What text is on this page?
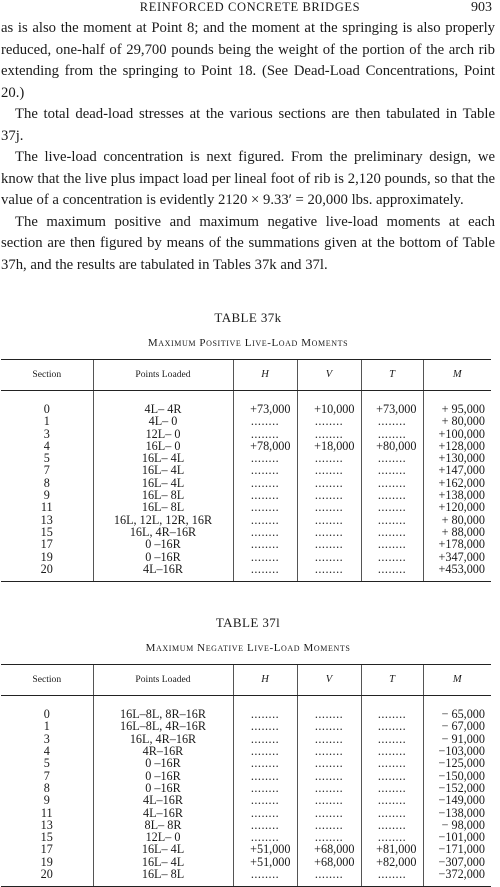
REINFORCED CONCRETE BRIDGES	903

as is also the moment at Point 8; and the moment at the springing is also properly reduced, one-half of 29,700 pounds being the weight of the portion of the arch rib extending from the springing to Point 18. (See Dead-Load Concentrations, Point 20.)

The total dead-load stresses at the various sections are then tabulated in Table 37j.

The live-load concentration is next figured. From the preliminary design, we know that the live plus impact load per lineal foot of rib is 2,120 pounds, so that the value of a concentration is evidently 2120 × 9.33′ = 20,000 lbs. approximately.

The maximum positive and maximum negative live-load moments at each section are then figured by means of the summations given at the bottom of Table 37h, and the results are tabulated in Tables 37k and 37l.

TABLE 37k
Maximum Positive Live-Load Moments
Section	Points Loaded	H	V	T	M
0	4L– 4R	+73,000	+10,000	+73,000	+ 95,000
1	4L– 0	........	........	........	+ 80,000
3	12L– 0	........	........	........	+100,000
4	16L– 0	+78,000	+18,000	+80,000	+128,000
5	16L– 4L	........	........	........	+130,000
7	16L– 4L	........	........	........	+147,000
8	16L– 4L	........	........	........	+162,000
9	16L– 8L	........	........	........	+138,000
11	16L– 8L	........	........	........	+120,000
13	16L, 12L, 12R, 16R	........	........	........	+ 80,000
15	16L, 4R–16R	........	........	........	+ 88,000
17	0 –16R	........	........	........	+178,000
19	0 –16R	........	........	........	+347,000
20	4L–16R	........	........	........	+453,000
TABLE 37l
Maximum Negative Live-Load Moments
Section	Points Loaded	H	V	T	M
0	16L–8L, 8R–16R	........	........	........	− 65,000
1	16L–8L, 4R–16R	........	........	........	− 67,000
3	16L, 4R–16R	........	........	........	− 91,000
4	4R–16R	........	........	........	−103,000
5	0 –16R	........	........	........	−125,000
7	0 –16R	........	........	........	−150,000
8	0 –16R	........	........	........	−152,000
9	4L–16R	........	........	........	−149,000
11	4L–16R	........	........	........	−138,000
13	8L– 8R	........	........	........	− 98,000
15	12L– 0	........	........	........	−101,000
17	16L– 4L	+51,000	+68,000	+81,000	−171,000
19	16L– 4L	+51,000	+68,000	+82,000	−307,000
20	16L– 8L	........	........	........	−372,000
